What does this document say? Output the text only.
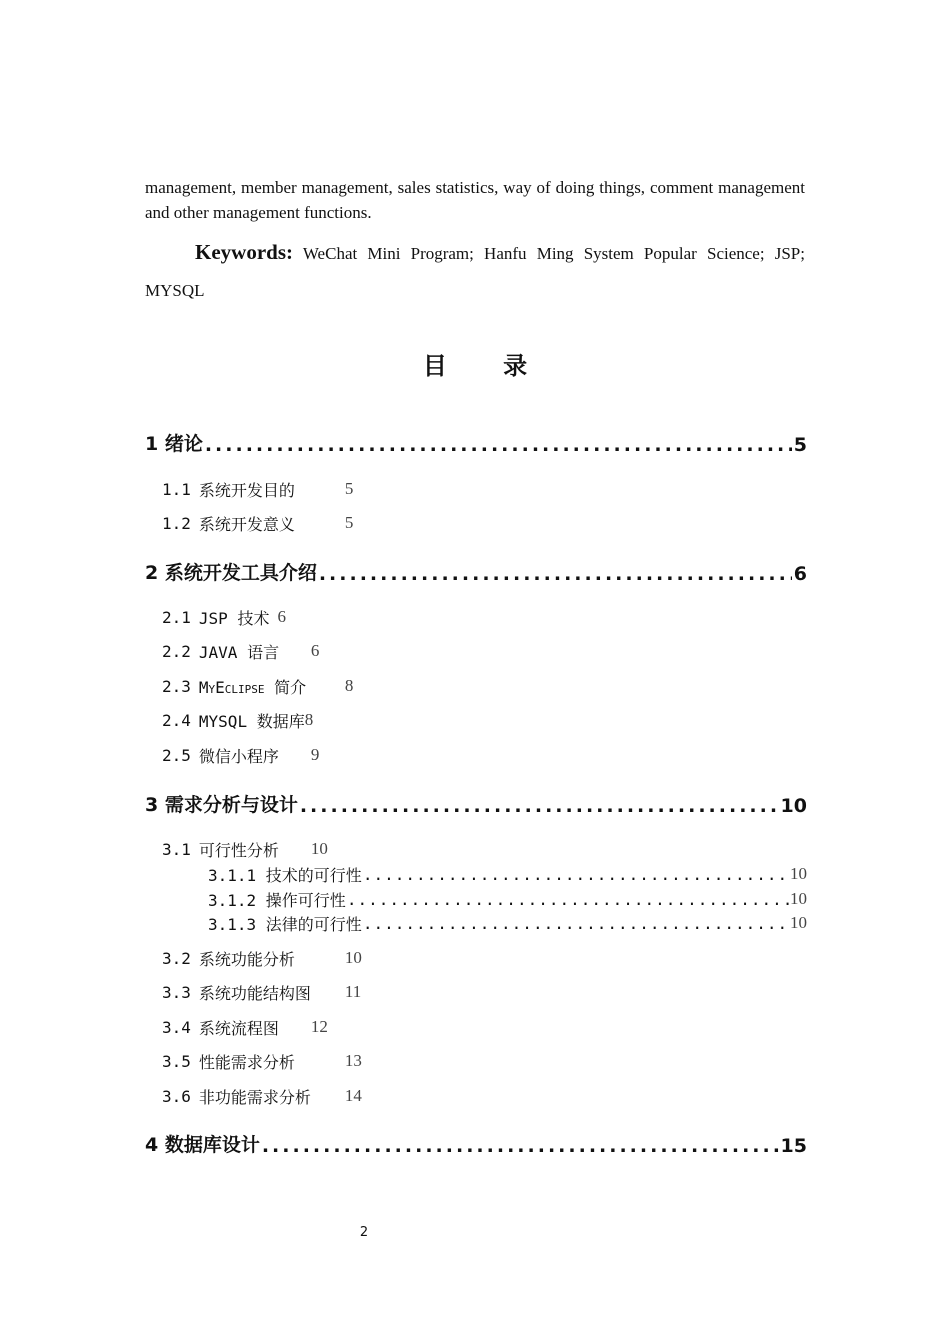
management, member management, sales statistics, way of doing things, comment management and other management functions.

Keywords: WeChat Mini Program; Hanfu Ming System Popular Science; JSP; MYSQL

目 录
1 绪论 .....	5
1.1 系统开发目的	5
1.2 系统开发意义	5
2 系统开发工具介绍 .....	6
2.1 JSP 技术 6
2.2 JAVA 语言	6
2.3 MyEclipse 简介	8
2.4 MYSQL 数据库 8
2.5 微信小程序	9
3 需求分析与设计 .....	10
3.1 可行性分析	10
3.1.1 技术的可行性 .....	10
3.1.2 操作可行性 .....	10
3.1.3 法律的可行性 .....	10
3.2 系统功能分析	10
3.3 系统功能结构图	11
3.4 系统流程图	12
3.5 性能需求分析	13
3.6 非功能需求分析	14
4 数据库设计 .....	15
2
